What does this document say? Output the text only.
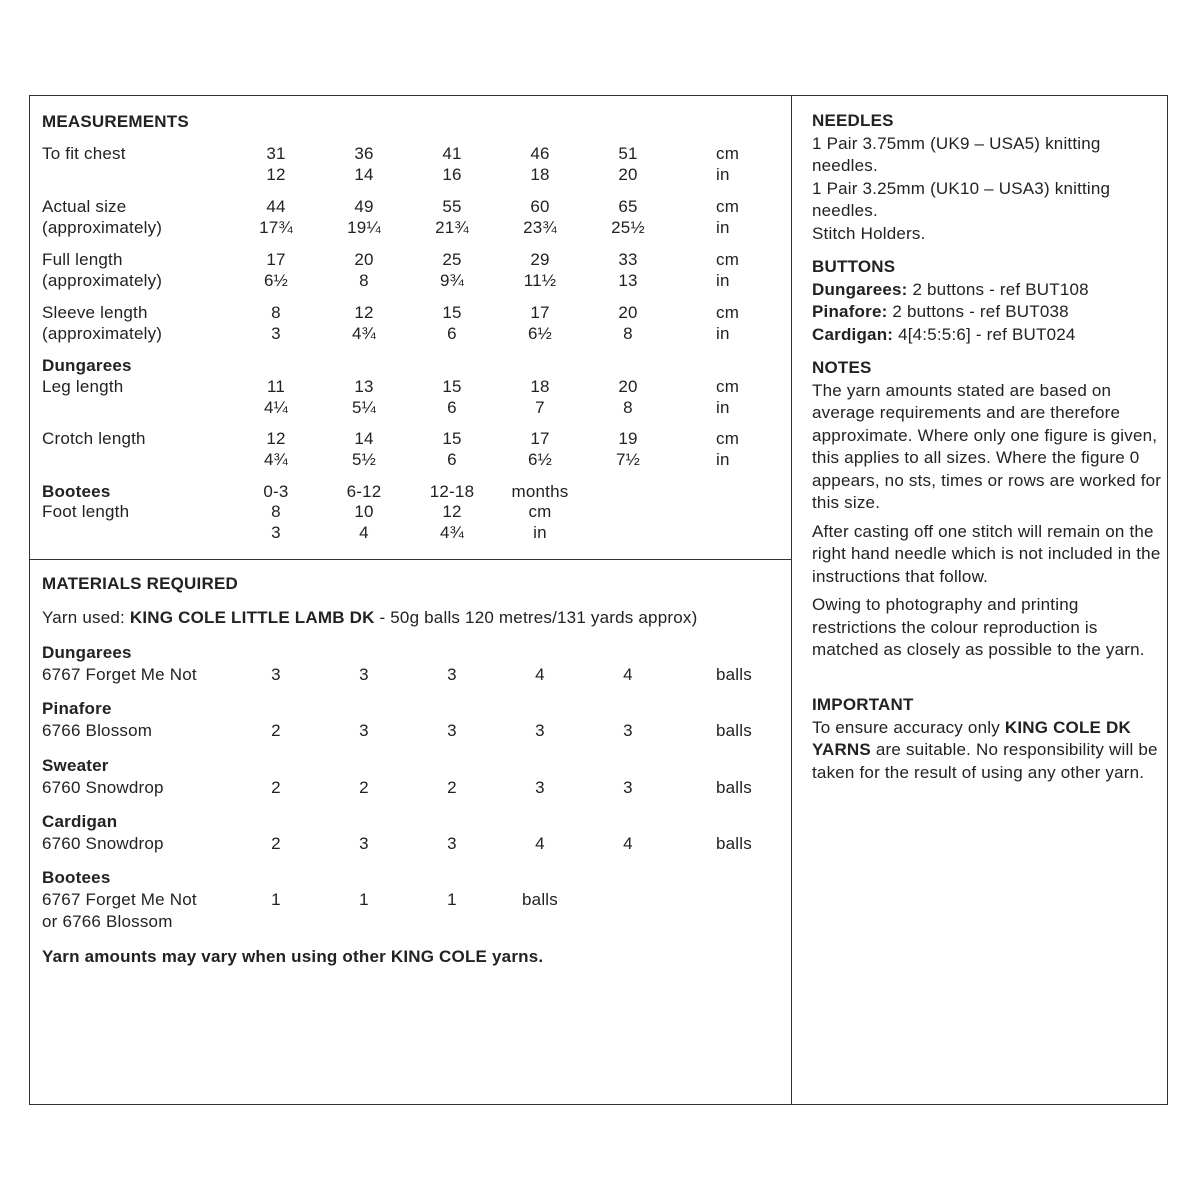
MEASUREMENTS
To fit chest	31	36	41	46	51	cm
12	14	16	18	20	in
Actual size	44	49	55	60	65	cm
(approximately)	17¾	19¼	21¾	23¾	25½	in
Full length	17	20	25	29	33	cm
(approximately)	6½	8	9¾	11½	13	in
Sleeve length	8	12	15	17	20	cm
(approximately)	3	4¾	6	6½	8	in
Dungarees
Leg length	11	13	15	18	20	cm
4¼	5¼	6	7	8	in
Crotch length	12	14	15	17	19	cm
4¾	5½	6	6½	7½	in
Bootees	0-3	6-12	12-18	months
Foot length	8	10	12	cm
3	4	4¾	in
MATERIALS REQUIRED
Yarn used: KING COLE LITTLE LAMB DK - 50g balls 120 metres/131 yards approx)
Dungarees
6767 Forget Me Not	3	3	3	4	4	balls
Pinafore
6766 Blossom	2	3	3	3	3	balls
Sweater
6760 Snowdrop	2	2	2	3	3	balls
Cardigan
6760 Snowdrop	2	3	3	4	4	balls
Bootees
6767 Forget Me Not
or 6766 Blossom
1	1	1	balls
Yarn amounts may vary when using other KING COLE yarns.

NEEDLES

1 Pair 3.75mm (UK9 – USA5) knitting needles.

1 Pair 3.25mm (UK10 – USA3) knitting needles.

Stitch Holders.

BUTTONS

Dungarees: 2 buttons - ref BUT108

Pinafore: 2 buttons - ref BUT038

Cardigan: 4[4:5:5:6] - ref BUT024

NOTES

The yarn amounts stated are based on average requirements and are therefore approximate. Where only one figure is given, this applies to all sizes. Where the figure 0 appears, no sts, times or rows are worked for this size.

After casting off one stitch will remain on the right hand needle which is not included in the instructions that follow.

Owing to photography and printing restrictions the colour reproduction is matched as closely as possible to the yarn.

IMPORTANT

To ensure accuracy only KING COLE DK YARNS are suitable. No responsibility will be taken for the result of using any other yarn.
